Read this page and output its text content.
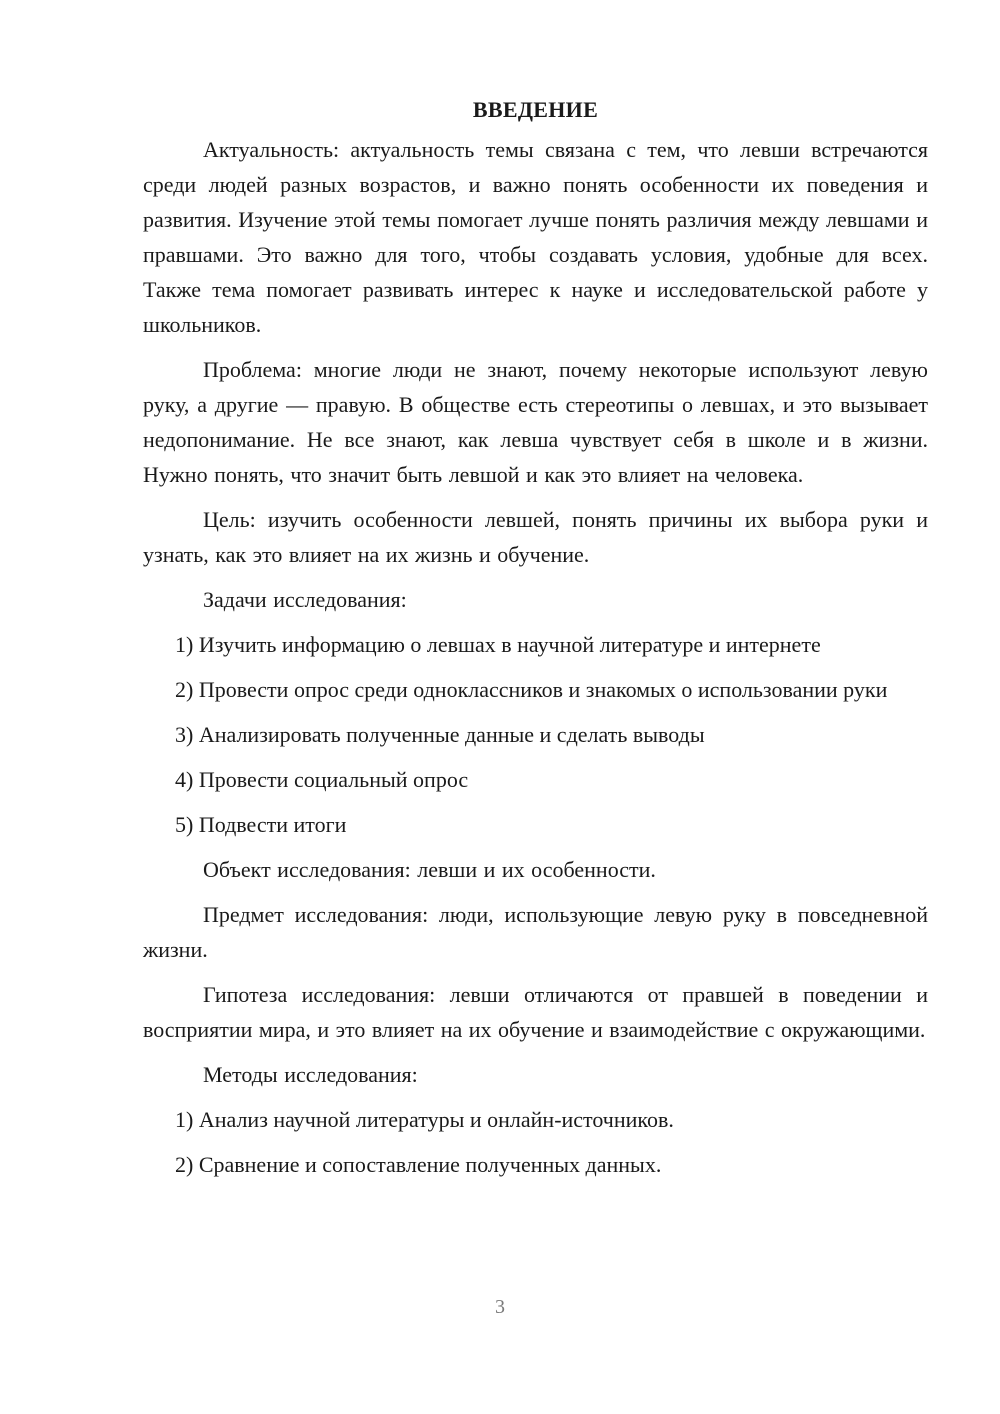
ВВЕДЕНИЕ

Актуальность: актуальность темы связана с тем, что левши встречаются среди людей разных возрастов, и важно понять особенности их поведения и развития. Изучение этой темы помогает лучше понять различия между левшами и правшами. Это важно для того, чтобы создавать условия, удобные для всех. Также тема помогает развивать интерес к науке и исследовательской работе у школьников.

Проблема: многие люди не знают, почему некоторые используют левую руку, а другие — правую. В обществе есть стереотипы о левшах, и это вызывает недопонимание. Не все знают, как левша чувствует себя в школе и в жизни. Нужно понять, что значит быть левшой и как это влияет на человека.

Цель: изучить особенности левшей, понять причины их выбора руки и узнать, как это влияет на их жизнь и обучение.

Задачи исследования:

1) Изучить информацию о левшах в научной литературе и интернете

2) Провести опрос среди одноклассников и знакомых о использовании руки

3) Анализировать полученные данные и сделать выводы

4) Провести социальный опрос

5) Подвести итоги

Объект исследования: левши и их особенности.

Предмет исследования: люди, использующие левую руку в повседневной жизни.

Гипотеза исследования: левши отличаются от правшей в поведении и восприятии мира, и это влияет на их обучение и взаимодействие с окружающими.

Методы исследования:

1) Анализ научной литературы и онлайн-источников.

2) Сравнение и сопоставление полученных данных.

3
